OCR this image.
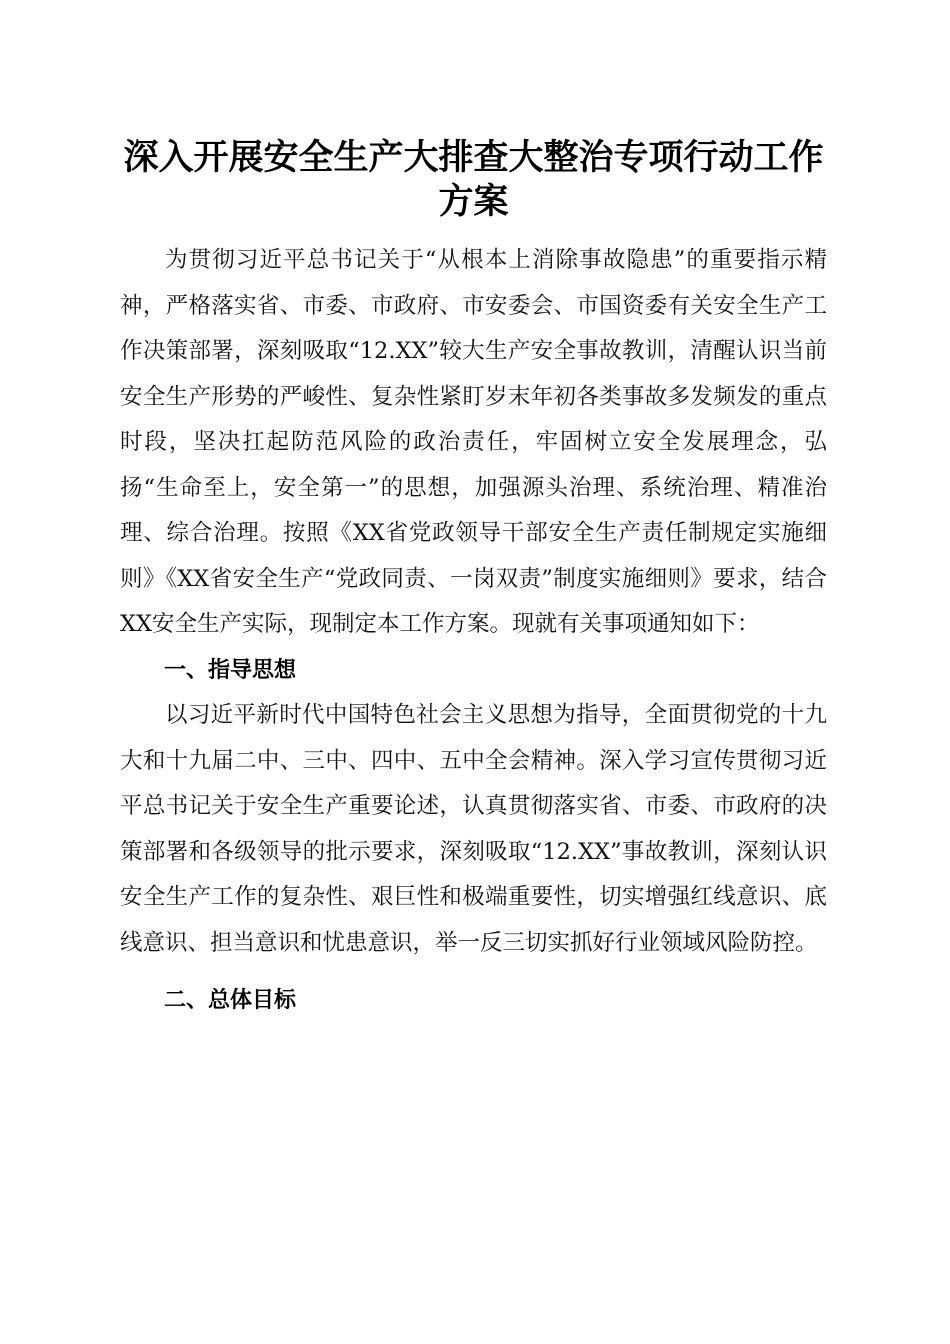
深入开展安全生产大排查大整治专项行动工作方案

为贯彻习近平总书记关于“从根本上消除事故隐患”的重要指示精神，严格落实省、市委、市政府、市安委会、市国资委有关安全生产工作决策部署，深刻吸取“12.XX”较大生产安全事故教训，清醒认识当前安全生产形势的严峻性、复杂性紧盯岁末年初各类事故多发频发的重点时段，坚决扛起防范风险的政治责任，牢固树立安全发展理念，弘扬“生命至上，安全第一”的思想，加强源头治理、系统治理、精准治理、综合治理。按照《XX省党政领导干部安全生产责任制规定实施细则》《XX省安全生产“党政同责、一岗双责”制度实施细则》要求，结合XX安全生产实际，现制定本工作方案。现就有关事项通知如下：

一、指导思想

以习近平新时代中国特色社会主义思想为指导，全面贯彻党的十九大和十九届二中、三中、四中、五中全会精神。深入学习宣传贯彻习近平总书记关于安全生产重要论述，认真贯彻落实省、市委、市政府的决策部署和各级领导的批示要求，深刻吸取“12.XX”事故教训，深刻认识安全生产工作的复杂性、艰巨性和极端重要性，切实增强红线意识、底线意识、担当意识和忧患意识，举一反三切实抓好行业领域风险防控。

二、总体目标
